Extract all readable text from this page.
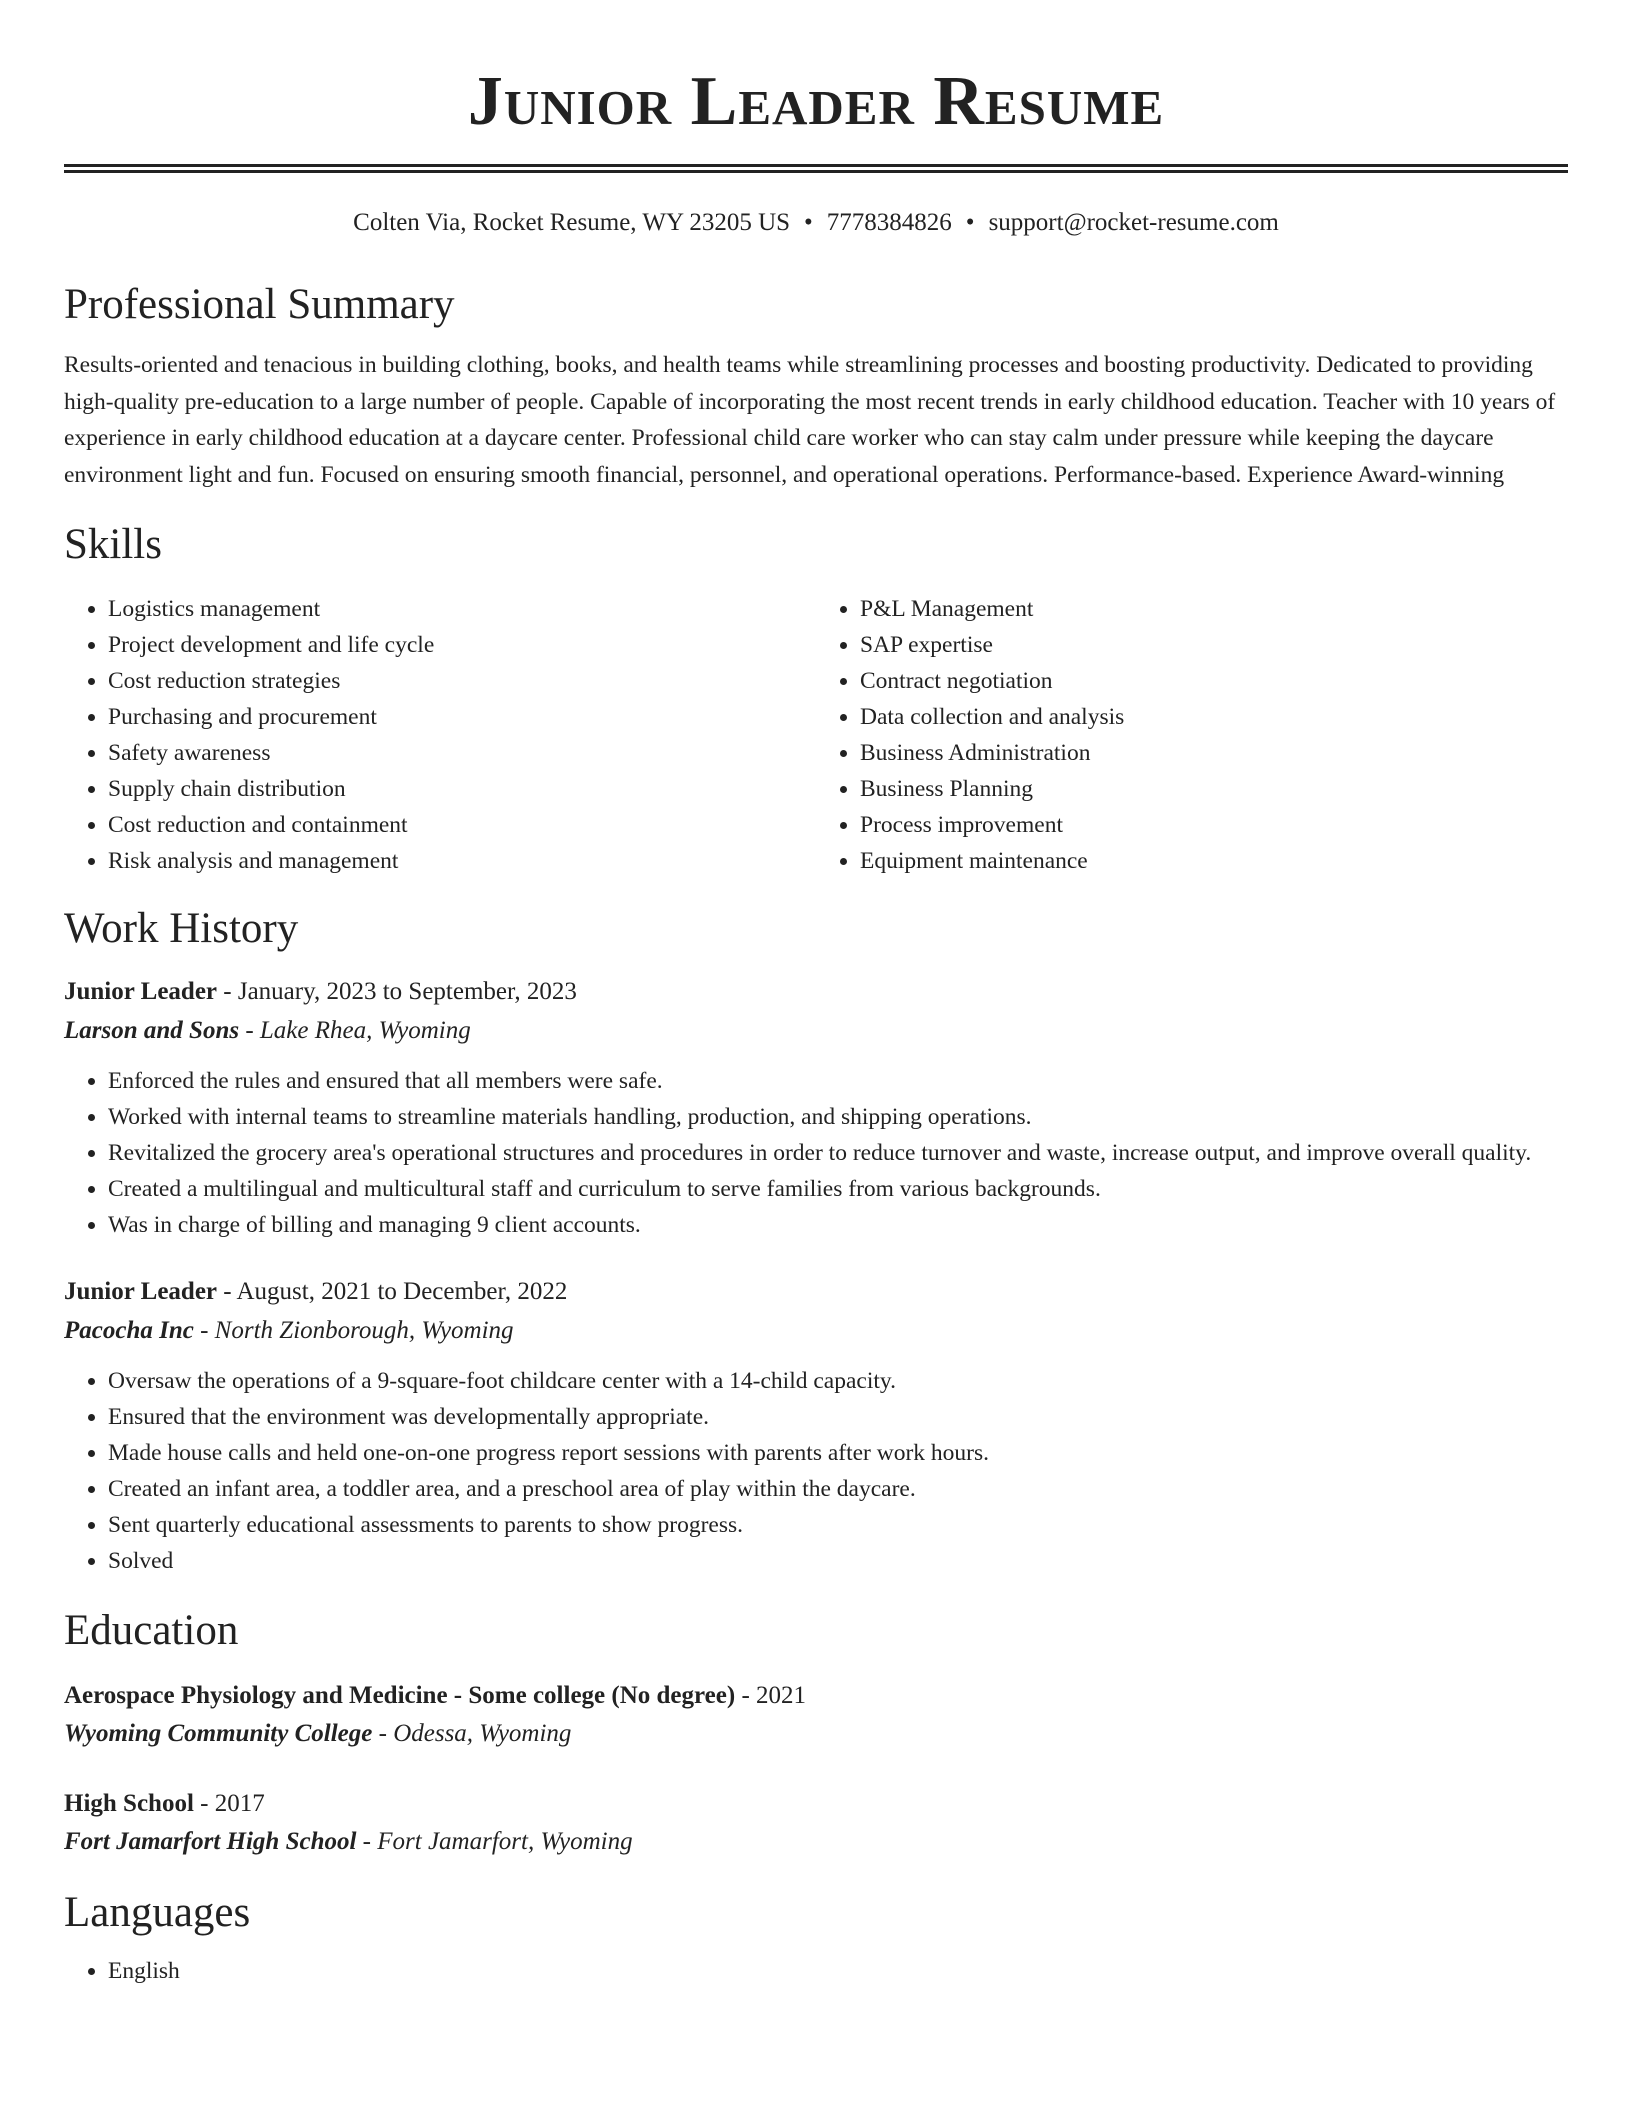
Junior Leader Resume
Colten Via, Rocket Resume, WY 23205 US • 7778384826 • support@rocket-resume.com
Professional Summary

Results-oriented and tenacious in building clothing, books, and health teams while streamlining processes and boosting productivity. Dedicated to providing high-quality pre-education to a large number of people. Capable of incorporating the most recent trends in early childhood education. Teacher with 10 years of experience in early childhood education at a daycare center. Professional child care worker who can stay calm under pressure while keeping the daycare environment light and fun. Focused on ensuring smooth financial, personnel, and operational operations. Performance-based. Experience Award-winning

Skills
• Logistics management
• Project development and life cycle
• Cost reduction strategies
• Purchasing and procurement
• Safety awareness
• Supply chain distribution
• Cost reduction and containment
• Risk analysis and management
• P&L Management
• SAP expertise
• Contract negotiation
• Data collection and analysis
• Business Administration
• Business Planning
• Process improvement
• Equipment maintenance
Work History
Junior Leader - January, 2023 to September, 2023
Larson and Sons - Lake Rhea, Wyoming
• Enforced the rules and ensured that all members were safe.
• Worked with internal teams to streamline materials handling, production, and shipping operations.
• Revitalized the grocery area's operational structures and procedures in order to reduce turnover and waste, increase output, and improve overall quality.
• Created a multilingual and multicultural staff and curriculum to serve families from various backgrounds.
• Was in charge of billing and managing 9 client accounts.
Junior Leader - August, 2021 to December, 2022
Pacocha Inc - North Zionborough, Wyoming
• Oversaw the operations of a 9-square-foot childcare center with a 14-child capacity.
• Ensured that the environment was developmentally appropriate.
• Made house calls and held one-on-one progress report sessions with parents after work hours.
• Created an infant area, a toddler area, and a preschool area of play within the daycare.
• Sent quarterly educational assessments to parents to show progress.
• Solved
Education
Aerospace Physiology and Medicine - Some college (No degree) - 2021
Wyoming Community College - Odessa, Wyoming
High School - 2017
Fort Jamarfort High School - Fort Jamarfort, Wyoming
Languages
• English
